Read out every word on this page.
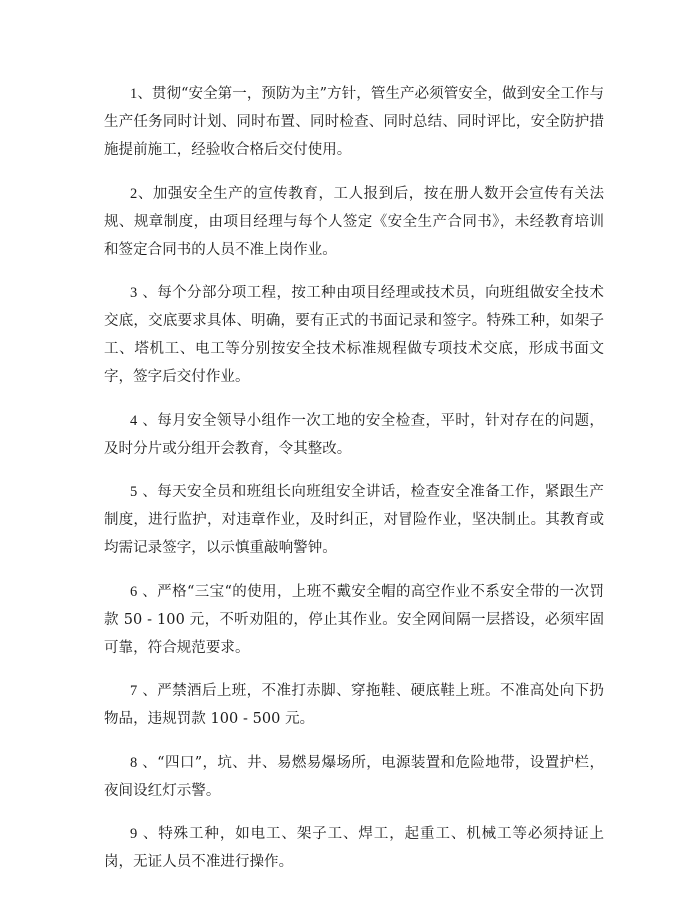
1、贯彻“安全第一，预防为主”方针，管生产必须管安全，做到安全工作与生产任务同时计划、同时布置、同时检查、同时总结、同时评比，安全防护措施提前施工，经验收合格后交付使用。

2、加强安全生产的宣传教育，工人报到后，按在册人数开会宣传有关法规、规章制度，由项目经理与每个人签定《安全生产合同书》，未经教育培训和签定合同书的人员不准上岗作业。

3 、每个分部分项工程，按工种由项目经理或技术员，向班组做安全技术交底，交底要求具体、明确，要有正式的书面记录和签字。特殊工种，如架子工、塔机工、电工等分别按安全技术标准规程做专项技术交底，形成书面文字，签字后交付作业。

4 、每月安全领导小组作一次工地的安全检查，平时，针对存在的问题，及时分片或分组开会教育，令其整改。

5 、每天安全员和班组长向班组安全讲话，检查安全准备工作，紧跟生产制度，进行监护，对违章作业，及时纠正，对冒险作业，坚决制止。其教育或均需记录签字，以示慎重敲响警钟。

6 、严格“三宝“的使用，上班不戴安全帽的高空作业不系安全带的一次罚款 50 - 100 元，不听劝阻的，停止其作业。安全网间隔一层搭设，必须牢固可靠，符合规范要求。

7 、严禁酒后上班，不准打赤脚、穿拖鞋、硬底鞋上班。不准高处向下扔物品，违规罚款 100 - 500 元。

8 、“四口”，坑、井、易燃易爆场所，电源装置和危险地带，设置护栏，夜间设红灯示警。

9 、特殊工种，如电工、架子工、焊工，起重工、机械工等必须持证上岗，无证人员不准进行操作。
